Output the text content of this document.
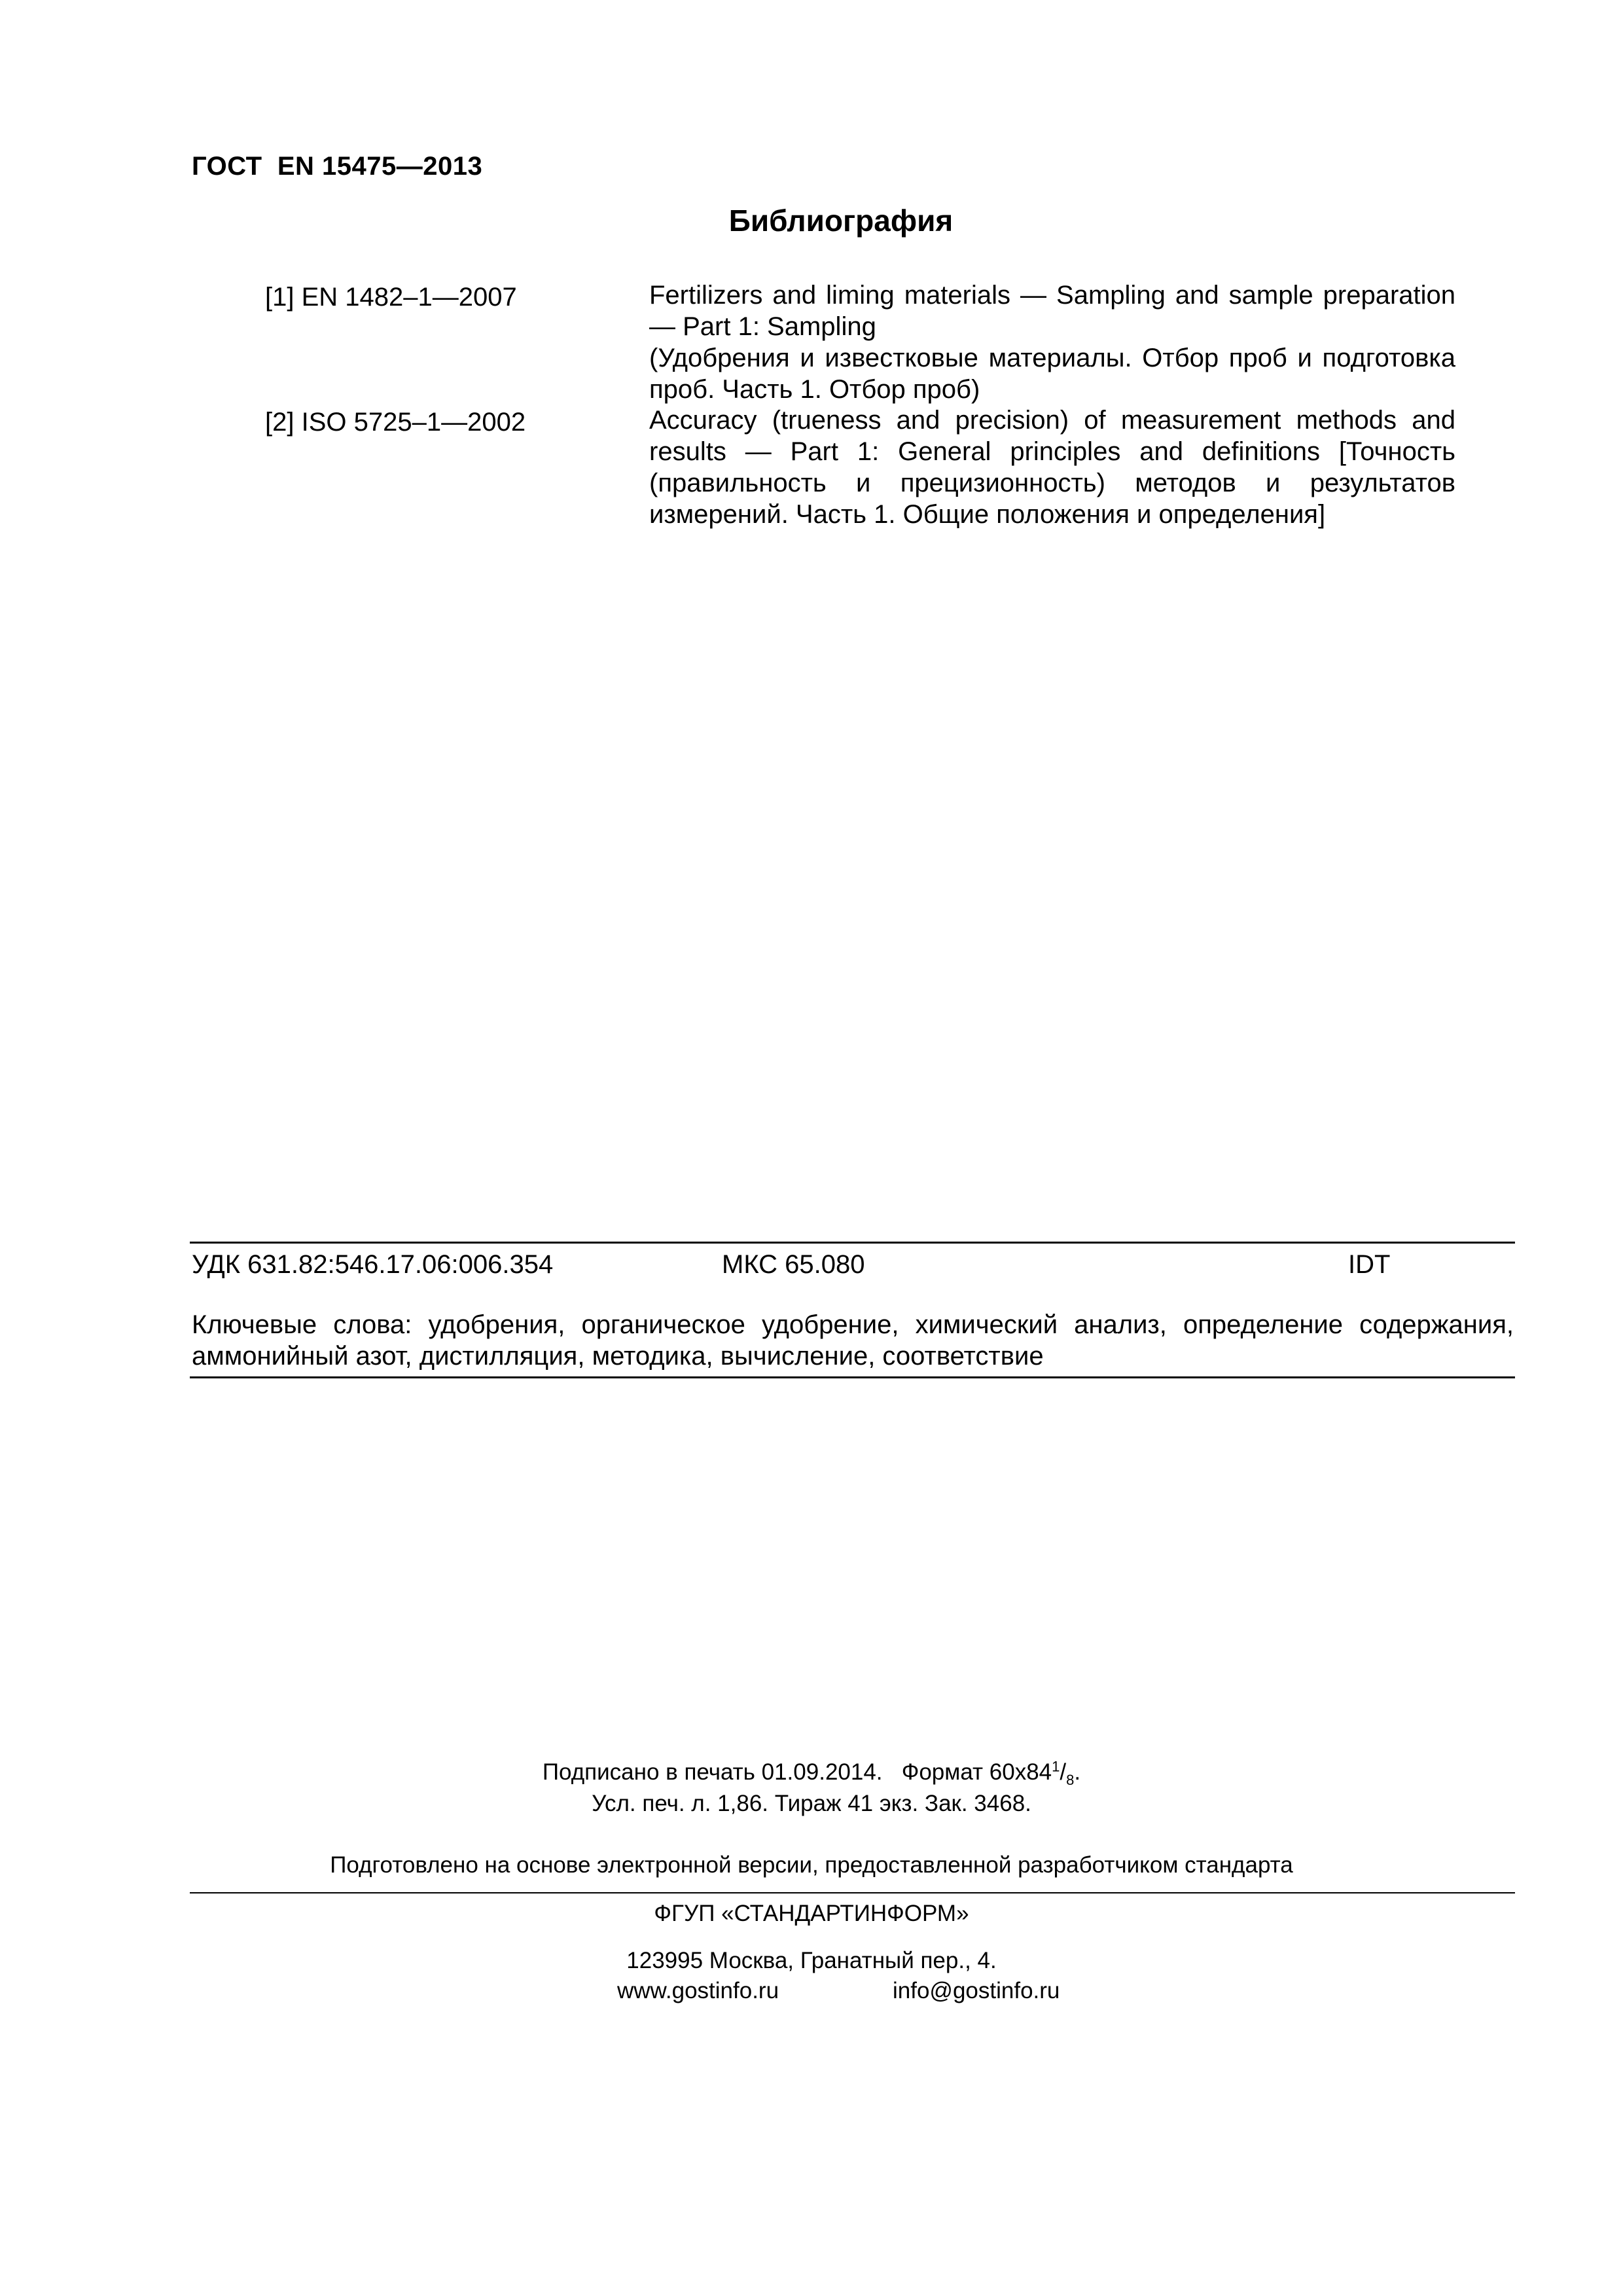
ГОСТ  EN 15475—2013
Библиография
[1] EN 1482–1—2007	Fertilizers and liming materials — Sampling and sample preparation — Part 1: Sampling
(Удобрения и известковые материалы. Отбор проб и подготовка проб. Часть 1. Отбор проб)
[2] ISO 5725–1—2002	Accuracy (trueness and precision) of measurement methods and results — Part 1: General principles and definitions [Точность (правильность и прецизионность) методов и результатов измерений. Часть 1. Общие положения и определения]
УДК 631.82:546.17.06:006.354	МКС 65.080	IDT
Ключевые слова: удобрения, органическое удобрение, химический анализ, определение содержания, аммонийный азот, дистилляция, методика, вычисление, соответствие
Подписано в печать 01.09.2014. Формат $60х84^1/_8$.
Усл. печ. л. 1,86. Тираж 41 экз. Зак. 3468.
Подготовлено на основе электронной версии, предоставленной разработчиком стандарта
ФГУП «СТАНДАРТИНФОРМ»
123995 Москва, Гранатный пер., 4.
www.gostinfo.ru	info@gostinfo.ru
